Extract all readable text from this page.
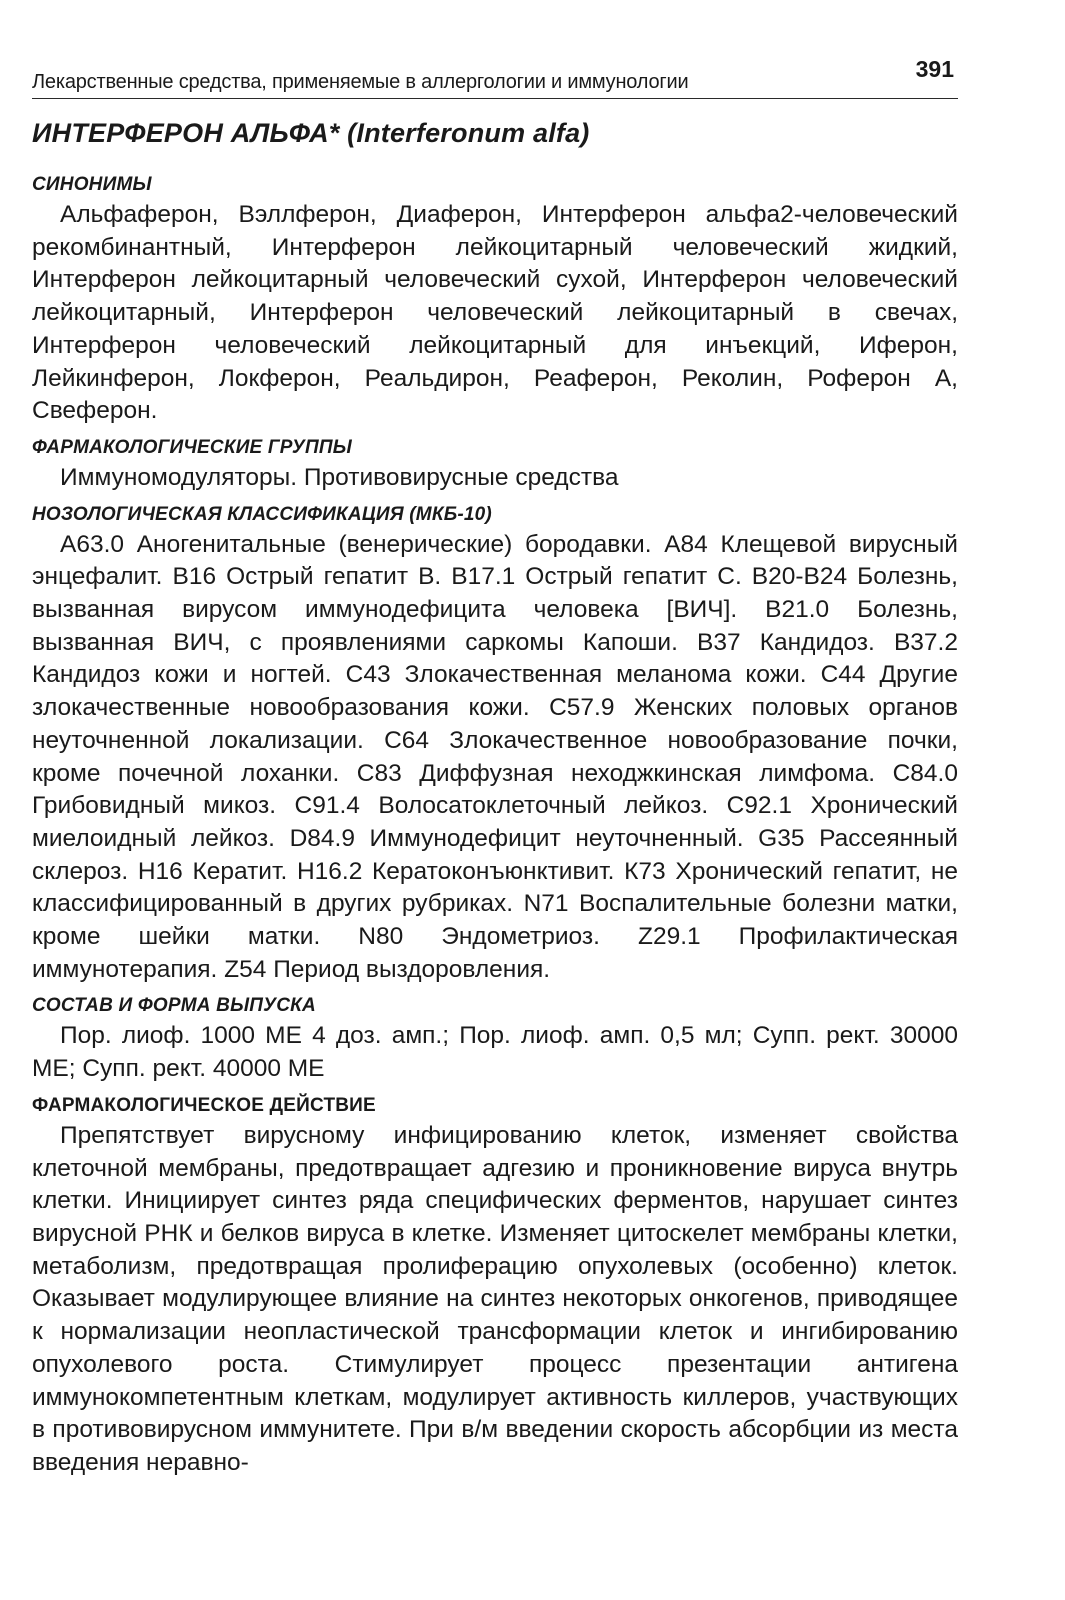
Лекарственные средства, применяемые в аллергологии и иммунологии	391
ИНТЕРФЕРОН АЛЬФА* (Interferonum alfa)
СИНОНИМЫ

Альфаферон, Вэллферон, Диаферон, Интерферон альфа2-человеческий рекомбинантный, Интерферон лейкоцитарный человеческий жидкий, Интерферон лейкоцитарный человеческий сухой, Интерферон человеческий лейкоцитарный, Интерферон человеческий лейкоцитарный в свечах, Интерферон человеческий лейкоцитарный для инъекций, Иферон, Лейкинферон, Локферон, Реальдирон, Реаферон, Реколин, Роферон А, Свеферон.

ФАРМАКОЛОГИЧЕСКИЕ ГРУППЫ

Иммуномодуляторы. Противовирусные средства

НОЗОЛОГИЧЕСКАЯ КЛАССИФИКАЦИЯ (МКБ-10)

А63.0 Аногенитальные (венерические) бородавки. А84 Клещевой вирусный энцефалит. В16 Острый гепатит В. В17.1 Острый гепатит С. В20-В24 Болезнь, вызванная вирусом иммунодефицита человека [ВИЧ]. В21.0 Болезнь, вызванная ВИЧ, с проявлениями саркомы Капоши. В37 Кандидоз. В37.2 Кандидоз кожи и ногтей. С43 Злокачественная меланома кожи. С44 Другие злокачественные новообразования кожи. С57.9 Женских половых органов неуточненной локализации. С64 Злокачественное новообразование почки, кроме почечной лоханки. С83 Диффузная неходжкинская лимфома. С84.0 Грибовидный микоз. С91.4 Волосатоклеточный лейкоз. С92.1 Хронический миелоидный лейкоз. D84.9 Иммунодефицит неуточненный. G35 Рассеянный склероз. Н16 Кератит. Н16.2 Кератоконъюнктивит. К73 Хронический гепатит, не классифицированный в других рубриках. N71 Воспалительные болезни матки, кроме шейки матки. N80 Эндометриоз. Z29.1 Профилактическая иммунотерапия. Z54 Период выздоровления.

СОСТАВ И ФОРМА ВЫПУСКА

Пор. лиоф. 1000 МЕ 4 доз. амп.; Пор. лиоф. амп. 0,5 мл; Супп. рект. 30000 МЕ; Супп. рект. 40000 МЕ

ФАРМАКОЛОГИЧЕСКОЕ ДЕЙСТВИЕ

Препятствует вирусному инфицированию клеток, изменяет свойства клеточной мембраны, предотвращает адгезию и проникновение вируса внутрь клетки. Инициирует синтез ряда специфических ферментов, нарушает синтез вирусной РНК и белков вируса в клетке. Изменяет цитоскелет мембраны клетки, метаболизм, предотвращая пролиферацию опухолевых (особенно) клеток. Оказывает модулирующее влияние на синтез некоторых онкогенов, приводящее к нормализации неопластической трансформации клеток и ингибированию опухолевого роста. Стимулирует процесс презентации антигена иммунокомпетентным клеткам, модулирует активность киллеров, участвующих в противовирусном иммунитете. При в/м введении скорость абсорбции из места введения неравно-
